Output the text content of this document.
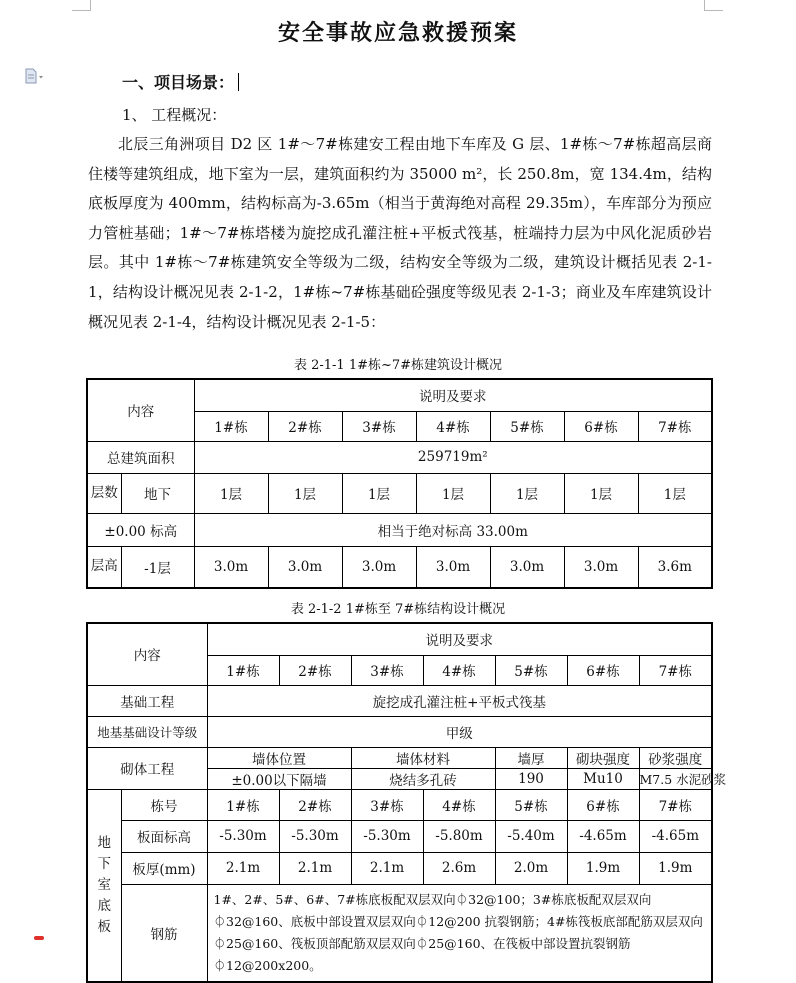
安全事故应急救援预案
一、项目场景：
1、 工程概况：
北辰三角洲项目 D2 区 1#～7#栋建安工程由地下车库及 G 层、1#栋～7#栋超高层商住楼等建筑组成，地下室为一层，建筑面积约为 35000 m²，长 250.8m，宽 134.4m，结构底板厚度为 400mm，结构标高为-3.65m（相当于黄海绝对高程 29.35m），车库部分为预应力管桩基础；1#～7#栋塔楼为旋挖成孔灌注桩+平板式筏基，桩端持力层为中风化泥质砂岩层。其中 1#栋～7#栋建筑安全等级为二级，结构安全等级为二级，建筑设计概括见表 2-1-1，结构设计概况见表 2-1-2，1#栋~7#栋基础砼强度等级见表 2-1-3；商业及车库建筑设计概况见表 2-1-4，结构设计概况见表 2-1-5：
表 2-1-1 1#栋~7#栋建筑设计概况
内容		说明及要求						
		1#栋	2#栋	3#栋	4#栋	5#栋	6#栋	7#栋
总建筑面积		259719m²						
层数	地下	1层	1层	1层	1层	1层	1层	1层
±0.00 标高		相当于绝对标高 33.00m						
层高	-1层	3.0m	3.0m	3.0m	3.0m	3.0m	3.0m	3.6m
表 2-1-2 1#栋至 7#栋结构设计概况
内容		说明及要求						
		1#栋	2#栋	3#栋	4#栋	5#栋	6#栋	7#栋
基础工程		旋挖成孔灌注桩+平板式筏基						
地基基础设计等级		甲级						
砌体工程		墙体位置		墙体材料		墙厚	砌块强度	砂浆强度
		±0.00以下隔墙		烧结多孔砖		190	Mu10	M7.5 水泥砂浆
地下室底板	栋号	1#栋	2#栋	3#栋	4#栋	5#栋	6#栋	7#栋
	板面标高	-5.30m	-5.30m	-5.30m	-5.80m	-5.40m	-4.65m	-4.65m
	板厚(mm)	2.1m	2.1m	2.1m	2.6m	2.0m	1.9m	1.9m
	钢筋	1#、2#、5#、6#、7#栋底板配双层双向⏀32@100；3#栋底板配双层双向⏀32@160、底板中部设置双层双向⏀12@200 抗裂钢筋；4#栋筏板底部配筋双层双向⏀25@160、筏板顶部配筋双层双向⏀25@160、在筏板中部设置抗裂钢筋⏀12@200x200。						
